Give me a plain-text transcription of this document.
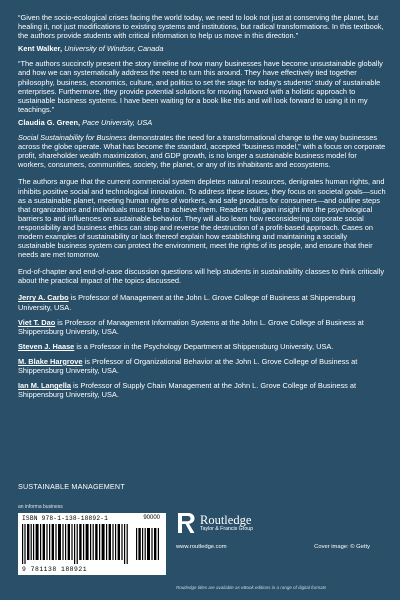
“Given the socio-ecological crises facing the world today, we need to look not just at conserving the planet, but healing it, not just modifications to existing systems and institutions, but radical transformations. In this textbook, the authors provide students with critical information to help us move in this direction.”
Kent Walker, University of Windsor, Canada
“The authors succinctly present the story timeline of how many businesses have become unsustainable globally and how we can systematically address the need to turn this around. They have effectively tied together philosophy, business, economics, culture, and politics to set the stage for today’s students’ study of sustainable enterprises. Furthermore, they provide potential solutions for moving forward with a holistic approach to sustainable business systems. I have been waiting for a book like this and will look forward to using it in my teachings.”
Claudia G. Green, Pace University, USA
Social Sustainability for Business demonstrates the need for a transformational change to the way businesses across the globe operate. What has become the standard, accepted “business model,” with a focus on corporate profit, shareholder wealth maximization, and GDP growth, is no longer a sustainable business model for workers, consumers, communities, society, the planet, or any of its inhabitants and ecosystems.
The authors argue that the current commercial system depletes natural resources, denigrates human rights, and inhibits positive social and technological innovation. To address these issues, they focus on societal goals—such as a sustainable planet, meeting human rights of workers, and safe products for consumers—and outline steps that organizations and individuals must take to achieve them. Readers will gain insight into the psychological barriers to and influences on sustainable behavior. They will also learn how reconsidering corporate social responsibility and business ethics can stop and reverse the destruction of a profit-based approach. Cases on modern examples of sustainability or lack thereof explain how establishing and maintaining a socially sustainable business system can protect the environment, meet the rights of its people, and ensure that their needs are met tomorrow.
End-of-chapter and end-of-case discussion questions will help students in sustainability classes to think critically about the practical impact of the topics discussed.
Jerry A. Carbo is Professor of Management at the John L. Grove College of Business at Shippensburg University, USA.
Viet T. Dao is Professor of Management Information Systems at the John L. Grove College of Business at Shippensburg University, USA.
Steven J. Haase is a Professor in the Psychology Department at Shippensburg University, USA.
M. Blake Hargrove is Professor of Organizational Behavior at the John L. Grove College of Business at Shippensburg University, USA.
Ian M. Langella is Professor of Supply Chain Management at the John L. Grove College of Business at Shippensburg University, USA.
SUSTAINABLE MANAGEMENT
an informa business
ISBN 978-1-138-18892-1	90000
9 781138 188921
Routledge
Taylor & Francis Group
www.routledge.com	Cover image: © Getty
Routledge titles are available as eBook editions in a range of digital formats
